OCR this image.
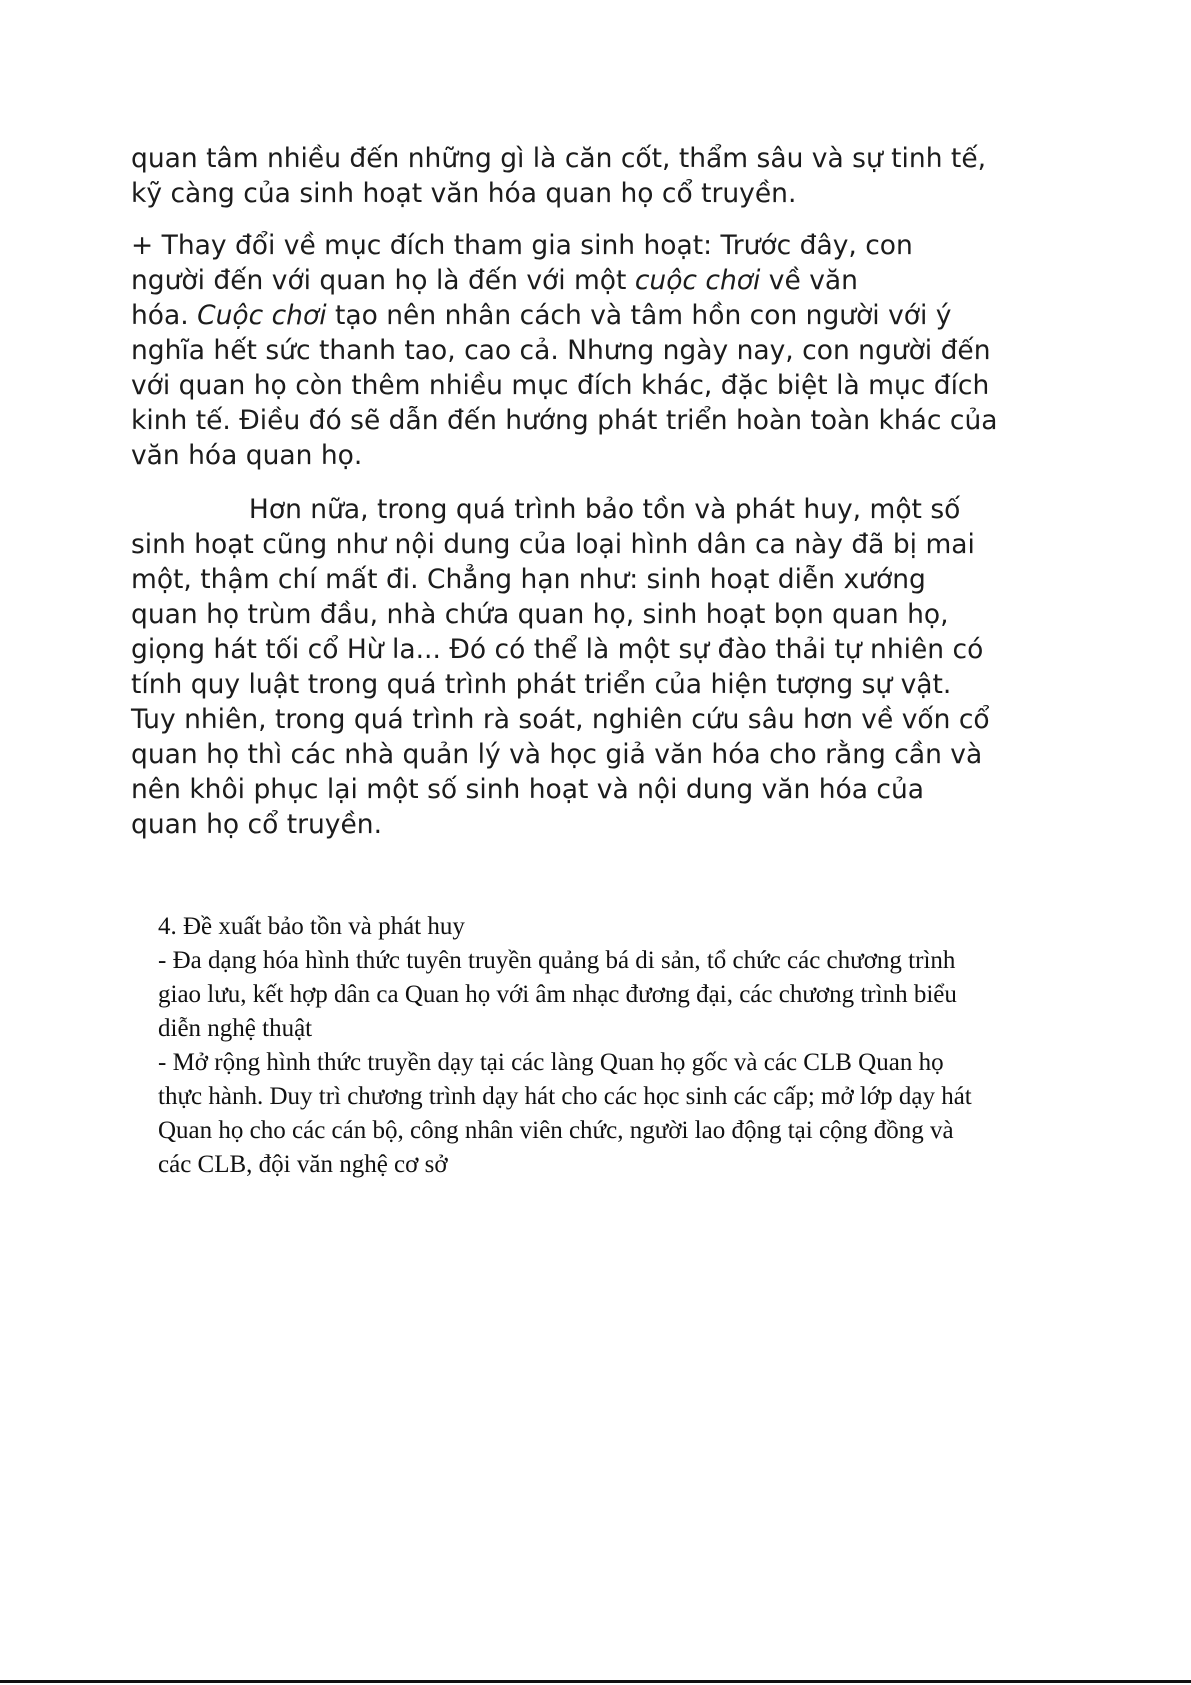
quan tâm nhiều đến những gì là căn cốt, thẩm sâu và sự tinh tế,
kỹ càng của sinh hoạt văn hóa quan họ cổ truyền.
+ Thay đổi về mục đích tham gia sinh hoạt: Trước đây, con
người đến với quan họ là đến với một cuộc chơi về văn
hóa. Cuộc chơi tạo nên nhân cách và tâm hồn con người với ý
nghĩa hết sức thanh tao, cao cả. Nhưng ngày nay, con người đến
với quan họ còn thêm nhiều mục đích khác, đặc biệt là mục đích
kinh tế. Điều đó sẽ dẫn đến hướng phát triển hoàn toàn khác của
văn hóa quan họ.
Hơn nữa, trong quá trình bảo tồn và phát huy, một số
sinh hoạt cũng như nội dung của loại hình dân ca này đã bị mai
một, thậm chí mất đi. Chẳng hạn như: sinh hoạt diễn xướng
quan họ trùm đầu, nhà chứa quan họ, sinh hoạt bọn quan họ,
giọng hát tối cổ Hừ la... Đó có thể là một sự đào thải tự nhiên có
tính quy luật trong quá trình phát triển của hiện tượng sự vật.
Tuy nhiên, trong quá trình rà soát, nghiên cứu sâu hơn về vốn cổ
quan họ thì các nhà quản lý và học giả văn hóa cho rằng cần và
nên khôi phục lại một số sinh hoạt và nội dung văn hóa của
quan họ cổ truyền.
4. Đề xuất bảo tồn và phát huy
- Đa dạng hóa hình thức tuyên truyền quảng bá di sản, tổ chức các chương trình
giao lưu, kết hợp dân ca Quan họ với âm nhạc đương đại, các chương trình biểu
diễn nghệ thuật
- Mở rộng hình thức truyền dạy tại các làng Quan họ gốc và các CLB Quan họ
thực hành. Duy trì chương trình dạy hát cho các học sinh các cấp; mở lớp dạy hát
Quan họ cho các cán bộ, công nhân viên chức, người lao động tại cộng đồng và
các CLB, đội văn nghệ cơ sở
